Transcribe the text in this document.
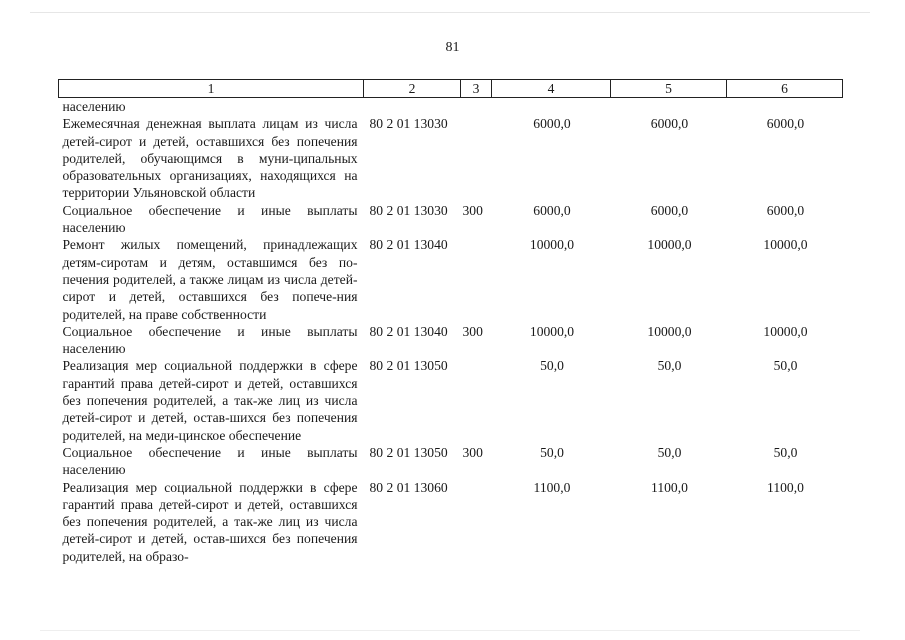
81
1	2	3	4	5	6
населению					
Ежемесячная денежная выплата лицам из числа детей-сирот и детей, оставшихся без попечения родителей, обучающимся в муни-ципальных образовательных организациях, находящихся на территории Ульяновской области	80 2 01 13030		6000,0	6000,0	6000,0
Социальное обеспечение и иные выплаты населению	80 2 01 13030	300	6000,0	6000,0	6000,0
Ремонт жилых помещений, принадлежащих детям-сиротам и детям, оставшимся без по-печения родителей, а также лицам из числа детей-сирот и детей, оставшихся без попече-ния родителей, на праве собственности	80 2 01 13040		10000,0	10000,0	10000,0
Социальное обеспечение и иные выплаты населению	80 2 01 13040	300	10000,0	10000,0	10000,0
Реализация мер социальной поддержки в сфере гарантий права детей-сирот и детей, оставшихся без попечения родителей, а так-же лиц из числа детей-сирот и детей, остав-шихся без попечения родителей, на меди-цинское обеспечение	80 2 01 13050		50,0	50,0	50,0
Социальное обеспечение и иные выплаты населению	80 2 01 13050	300	50,0	50,0	50,0
Реализация мер социальной поддержки в сфере гарантий права детей-сирот и детей, оставшихся без попечения родителей, а так-же лиц из числа детей-сирот и детей, остав-шихся без попечения родителей, на образо-	80 2 01 13060		1100,0	1100,0	1100,0
